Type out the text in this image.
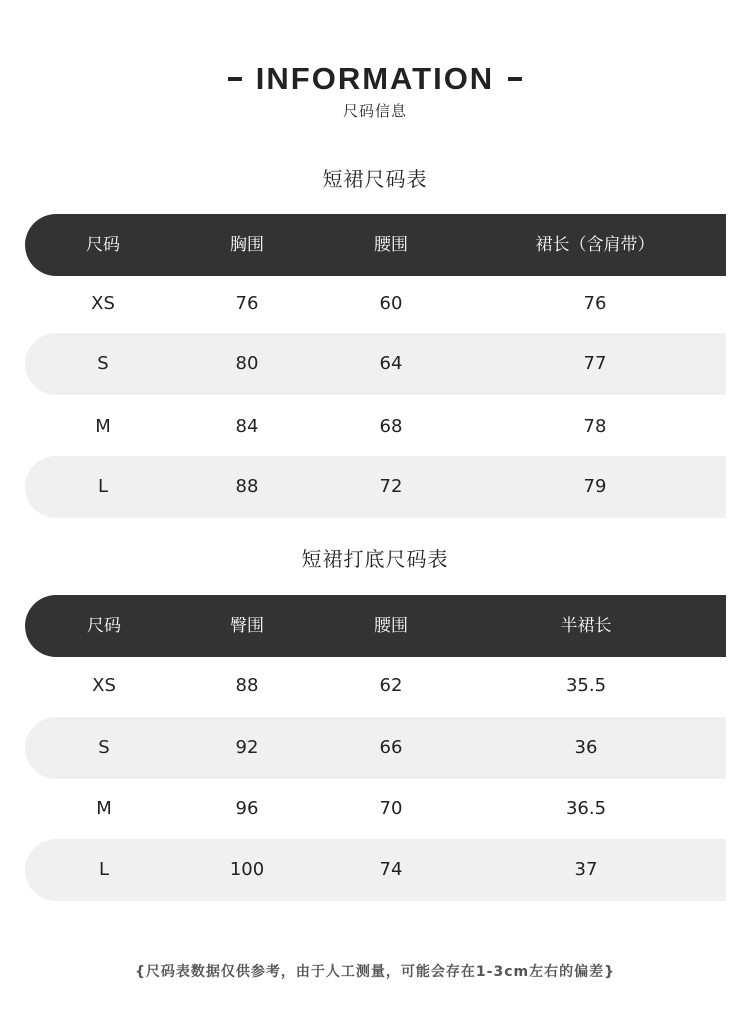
INFORMATION
尺码信息
短裙尺码表
尺码	胸围	腰围	裙长（含肩带）
XS	76	60	76
S	80	64	77
M	84	68	78
L	88	72	79
短裙打底尺码表
尺码	臀围	腰围	半裙长
XS	88	62	35.5
S	92	66	36
M	96	70	36.5
L	100	74	37
{尺码表数据仅供参考，由于人工测量，可能会存在1-3cm左右的偏差}
